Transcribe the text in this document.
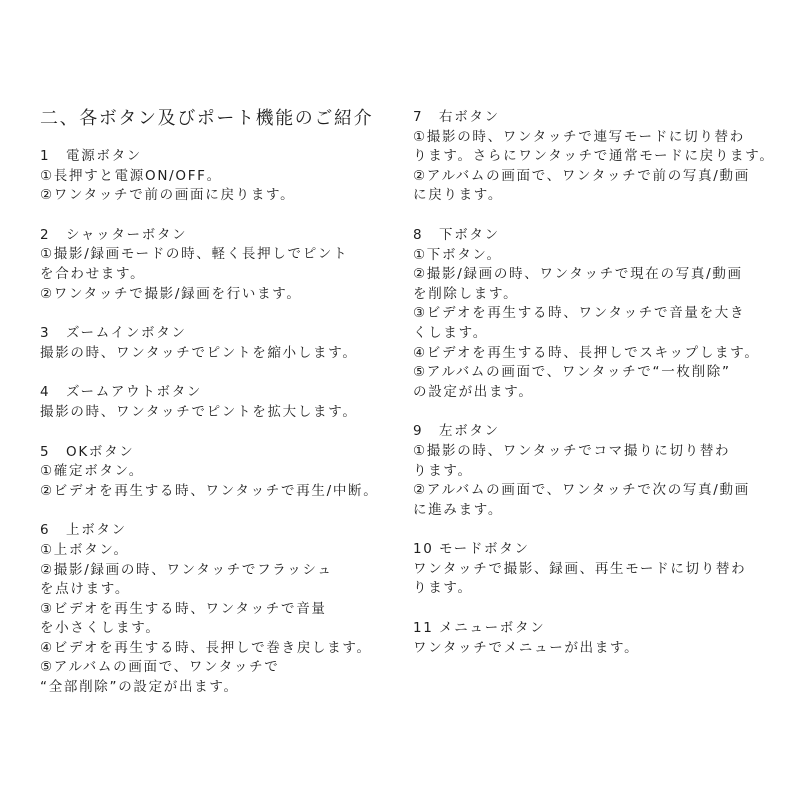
二、各ボタン及びポート機能のご紹介

1 電源ボタン

①長押すと電源ON/OFF。

②ワンタッチで前の画面に戻ります。

2 シャッターボタン

①撮影/録画モードの時、軽く長押しでピント

を合わせます。

②ワンタッチで撮影/録画を行います。

3 ズームインボタン

撮影の時、ワンタッチでピントを縮小します。

4 ズームアウトボタン

撮影の時、ワンタッチでピントを拡大します。

5 OKボタン

①確定ボタン。

②ビデオを再生する時、ワンタッチで再生/中断。

6 上ボタン

①上ボタン。

②撮影/録画の時、ワンタッチでフラッシュ

を点けます。

③ビデオを再生する時、ワンタッチで音量

を小さくします。

④ビデオを再生する時、長押しで巻き戻します。

⑤アルバムの画面で、ワンタッチで

“全部削除”の設定が出ます。

7 右ボタン

①撮影の時、ワンタッチで連写モードに切り替わ

ります。さらにワンタッチで通常モードに戻ります。

②アルバムの画面で、ワンタッチで前の写真/動画

に戻ります。

8 下ボタン

①下ボタン。

②撮影/録画の時、ワンタッチで現在の写真/動画

を削除します。

③ビデオを再生する時、ワンタッチで音量を大き

くします。

④ビデオを再生する時、長押しでスキップします。

⑤アルバムの画面で、ワンタッチで“一枚削除”

の設定が出ます。

9 左ボタン

①撮影の時、ワンタッチでコマ撮りに切り替わ

ります。

②アルバムの画面で、ワンタッチで次の写真/動画

に進みます。

10 モードボタン

ワンタッチで撮影、録画、再生モードに切り替わ

ります。

11 メニューボタン

ワンタッチでメニューが出ます。
